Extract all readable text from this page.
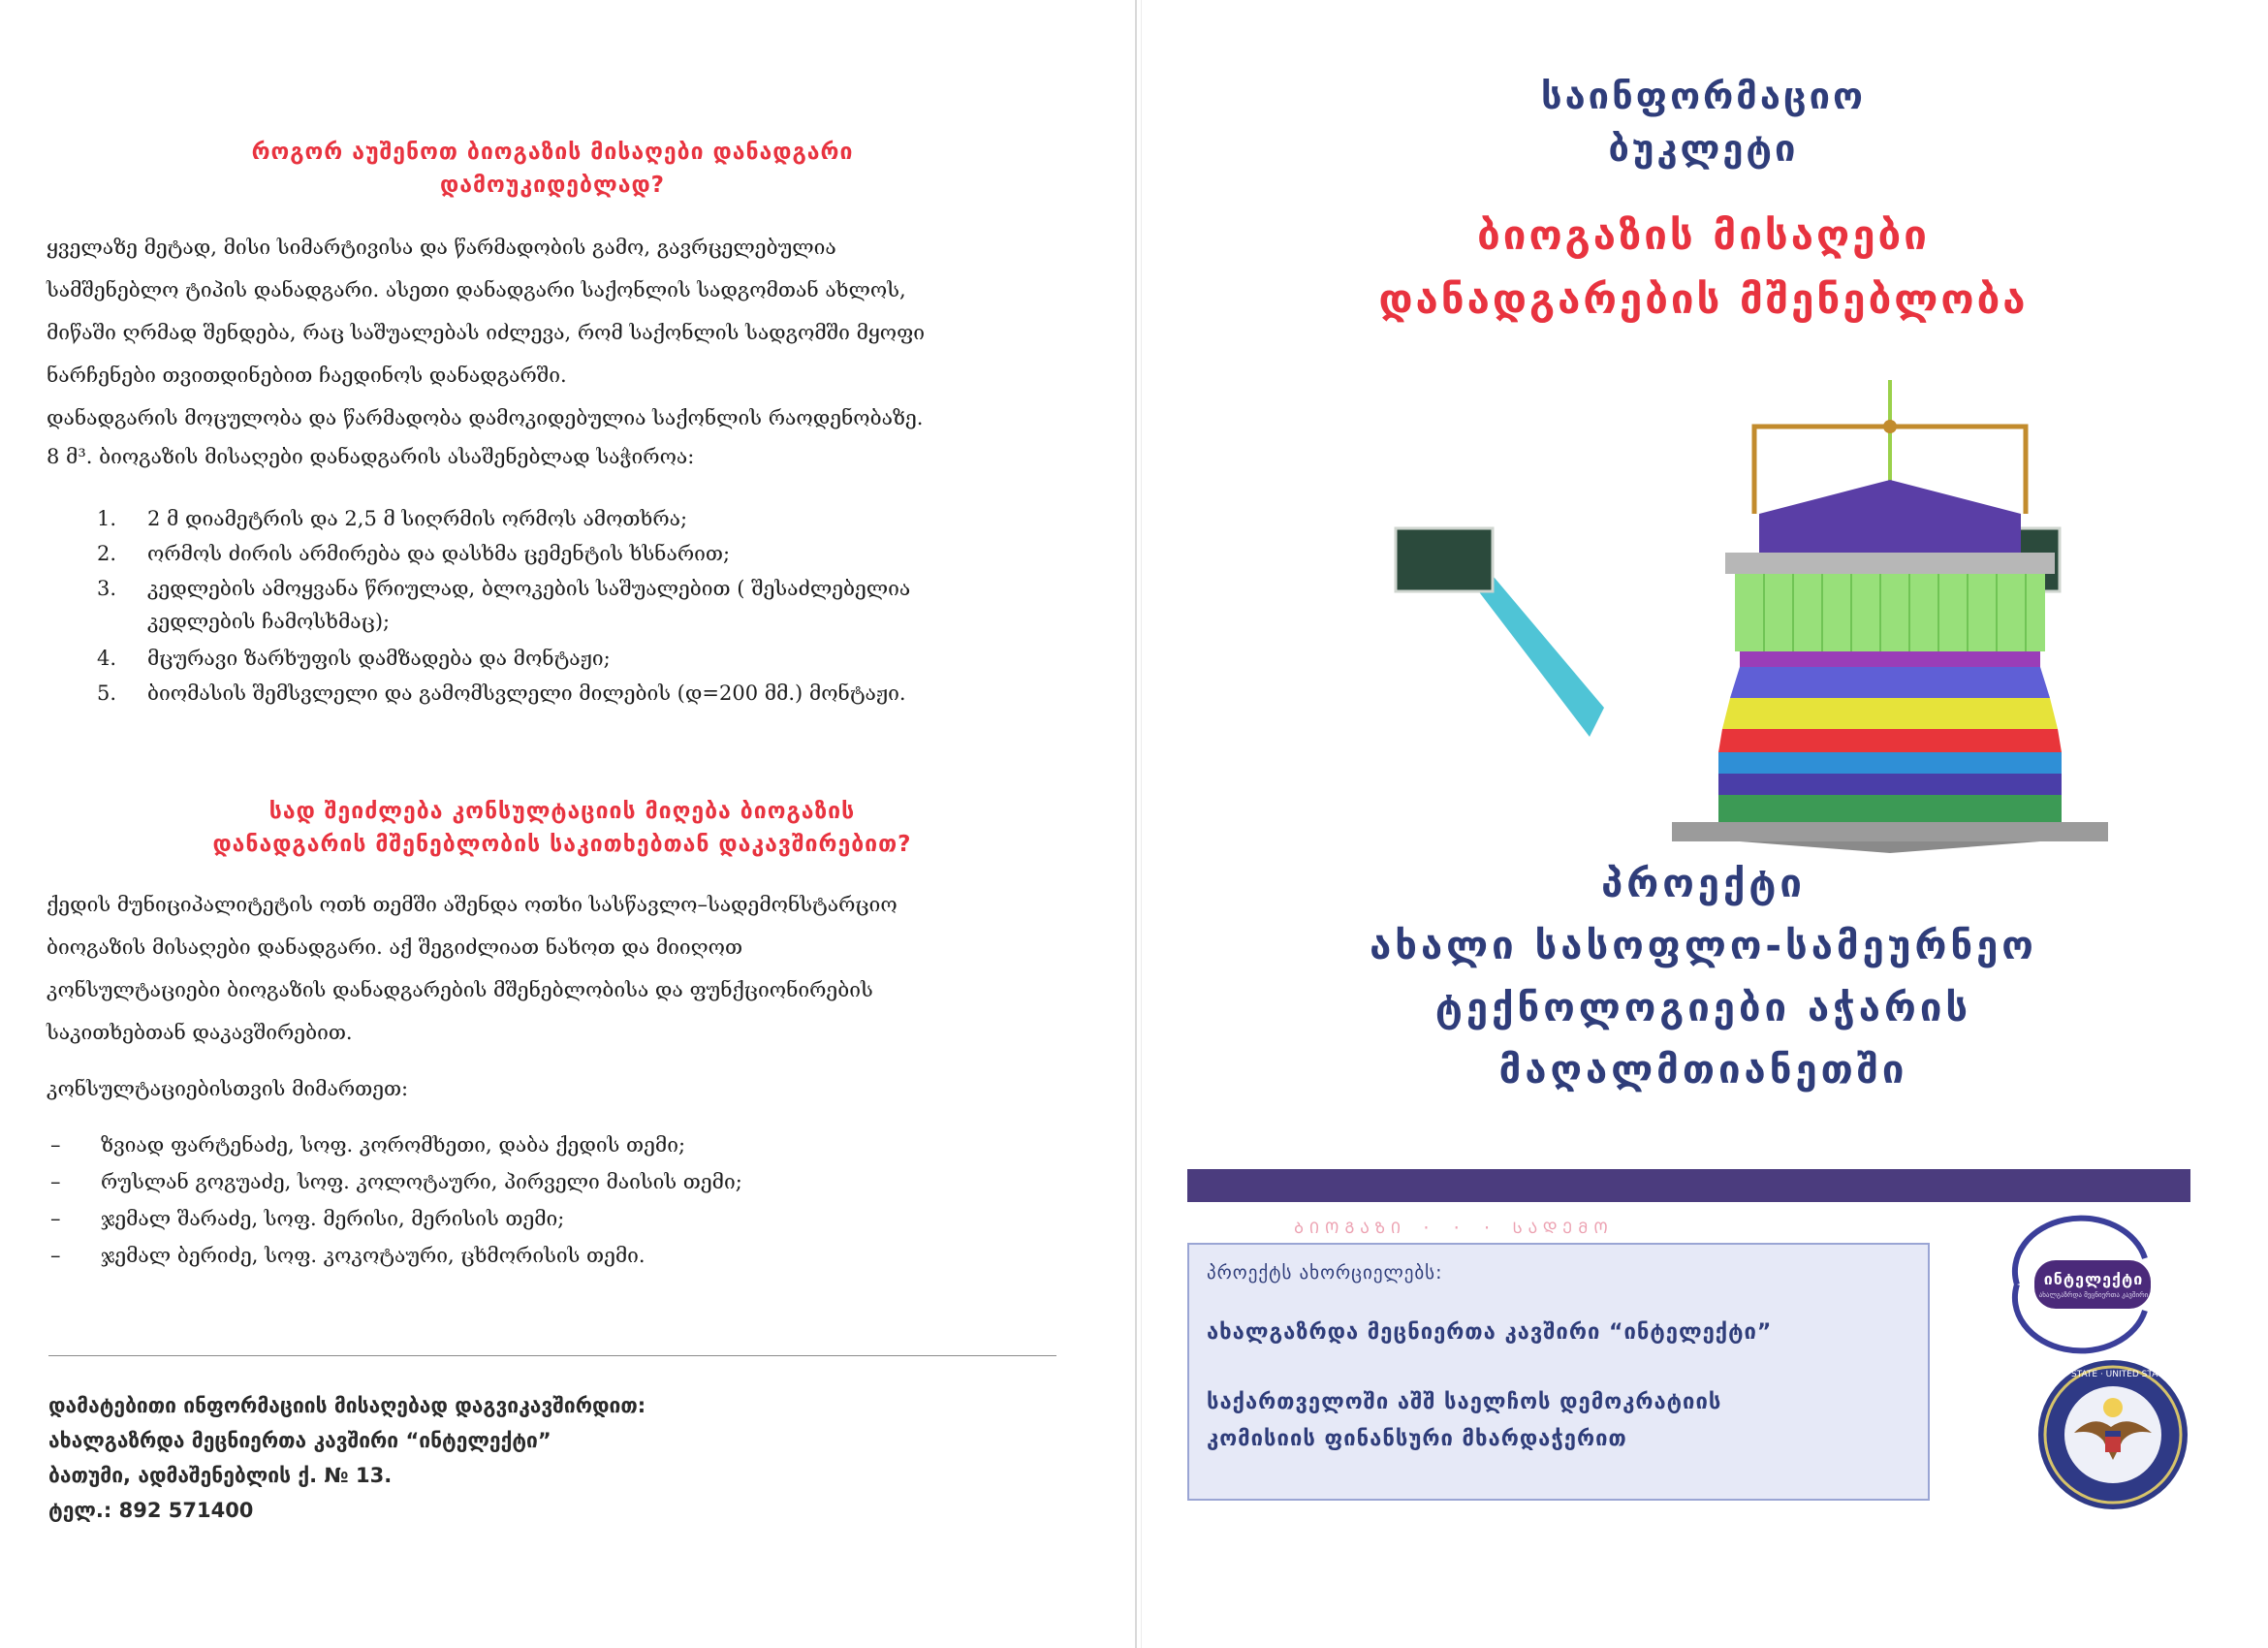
როგორ აუშენოთ ბიოგაზის მისაღები დანადგარი
დამოუკიდებლად?
ყველაზე მეტად, მისი სიმარტივისა და წარმადობის გამო, გავრცელებულია
სამშენებლო ტიპის დანადგარი. ასეთი დანადგარი საქონლის სადგომთან ახლოს,
მიწაში ღრმად შენდება, რაც საშუალებას იძლევა, რომ საქონლის სადგომში მყოფი
ნარჩენები თვითდინებით ჩაედინოს დანადგარში.
დანადგარის მოცულობა და წარმადობა დამოკიდებულია საქონლის რაოდენობაზე.
8 მ³. ბიოგაზის მისაღები დანადგარის ასაშენებლად საჭიროა:
1. 2 მ დიამეტრის და 2,5 მ სიღრმის ორმოს ამოთხრა;
2. ორმოს ძირის არმირება და დასხმა ცემენტის ხსნარით;
3. კედლების ამოყვანა წრიულად, ბლოკების საშუალებით ( შესაძლებელია
კედლების ჩამოსხმაც);
4. მცურავი ზარხუფის დამზადება და მონტაჟი;
5. ბიომასის შემსვლელი და გამომსვლელი მილების (დ=200 მმ.) მონტაჟი.
სად შეიძლება კონსულტაციის მიღება ბიოგაზის
დანადგარის მშენებლობის საკითხებთან დაკავშირებით?
ქედის მუნიციპალიტეტის ოთხ თემში აშენდა ოთხი სასწავლო–სადემონსტარციო
ბიოგაზის მისაღები დანადგარი. აქ შეგიძლიათ ნახოთ და მიიღოთ
კონსულტაციები ბიოგაზის დანადგარების მშენებლობისა და ფუნქციონირების
საკითხებთან დაკავშირებით.
კონსულტაციებისთვის მიმართეთ:
– ზვიად ფარტენაძე, სოფ. კორომხეთი, დაბა ქედის თემი;
– რუსლან გოგუაძე, სოფ. კოლოტაური, პირველი მაისის თემი;
– ჯემალ შარაძე, სოფ. მერისი, მერისის თემი;
– ჯემალ ბერიძე, სოფ. კოკოტაური, ცხმორისის თემი.
დამატებითი ინფორმაციის მისაღებად დაგვიკავშირდით:
ახალგაზრდა მეცნიერთა კავშირი “ინტელექტი”
ბათუმი, ადმაშენებლის ქ. № 13.
ტელ.: 892 571400
საინფორმაციო
ბუკლეტი
ბიოგაზის მისაღები
დანადგარების მშენებლობა
პროექტი
ახალი სასოფლო-სამეურნეო
ტექნოლოგიები აჭარის
მაღალმთიანეთში
ᲑᲘᲝᲒᲐᲖᲘ · · · ᲡᲐᲓᲔᲛᲝ
პროექტს ახორციელებს:
ახალგაზრდა მეცნიერთა კავშირი “ინტელექტი”
საქართველოში აშშ საელჩოს დემოკრატიის
კომისიის ფინანსური მხარდაჭერით
ინტელექტი
ახალგაზრდა მეცნიერთა კავშირი
DEPARTMENT OF STATE · UNITED STATES OF AMERICA
